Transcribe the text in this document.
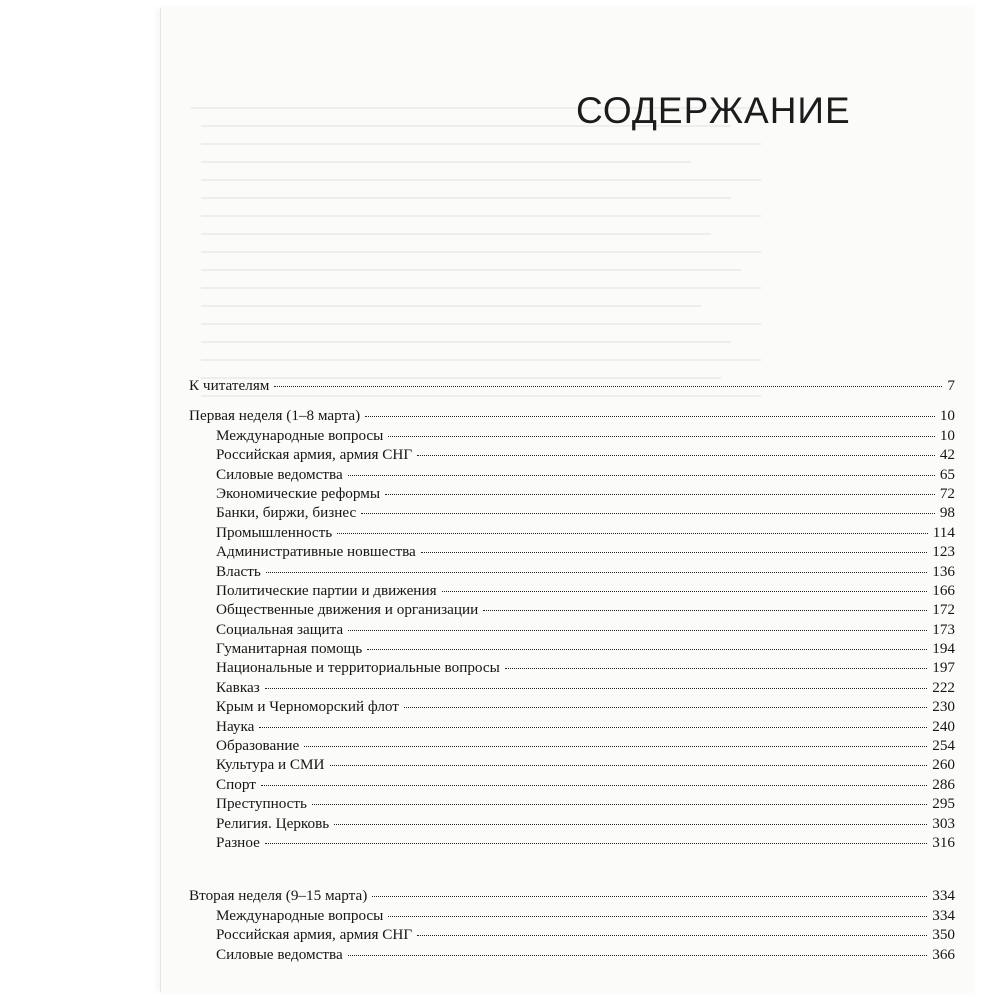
СОДЕРЖАНИЕ
К читателям	7
Первая неделя (1–8 марта)	10
Международные вопросы	10
Российская армия, армия СНГ	42
Силовые ведомства	65
Экономические реформы	72
Банки, биржи, бизнес	98
Промышленность	114
Административные новшества	123
Власть	136
Политические партии и движения	166
Общественные движения и организации	172
Социальная защита	173
Гуманитарная помощь	194
Национальные и территориальные вопросы	197
Кавказ	222
Крым и Черноморский флот	230
Наука	240
Образование	254
Культура и СМИ	260
Спорт	286
Преступность	295
Религия. Церковь	303
Разное	316
Вторая неделя (9–15 марта)	334
Международные вопросы	334
Российская армия, армия СНГ	350
Силовые ведомства	366
